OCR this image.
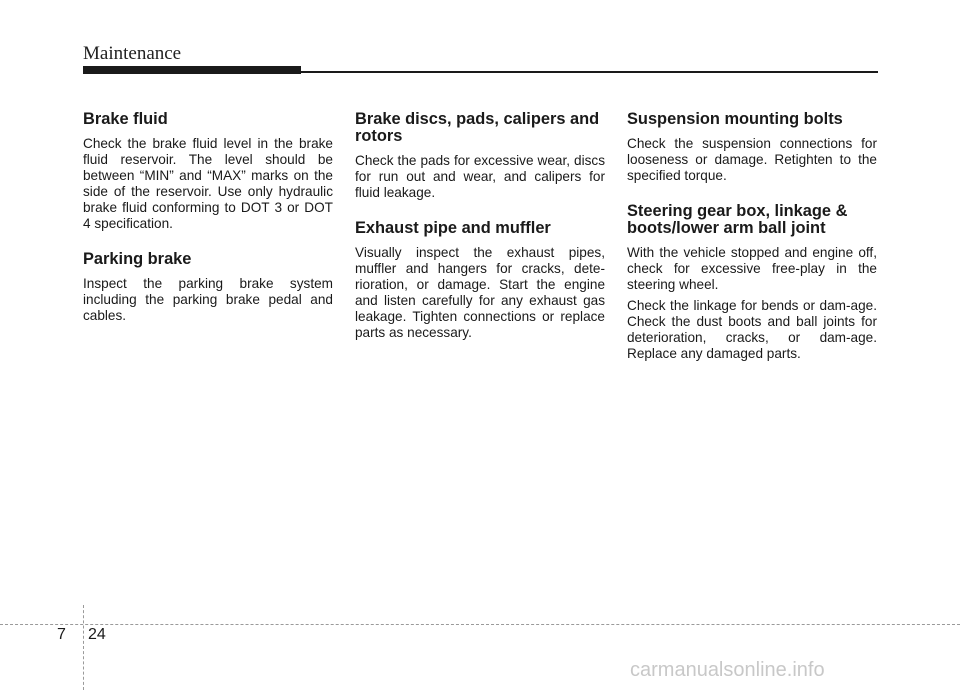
Maintenance
Brake fluid

Check the brake fluid level in the brake fluid reservoir. The level should be between “MIN” and “MAX” marks on the side of the reservoir. Use only hydraulic brake fluid conforming to DOT 3 or DOT 4 specification.

Parking brake

Inspect the parking brake system including the parking brake pedal and cables.

Brake discs, pads, calipers and rotors

Check the pads for excessive wear, discs for run out and wear, and calipers for fluid leakage.

Exhaust pipe and muffler

Visually inspect the exhaust pipes, muffler and hangers for cracks, dete-rioration, or damage. Start the engine and listen carefully for any exhaust gas leakage. Tighten connections or replace parts as necessary.

Suspension mounting bolts

Check the suspension connections for looseness or damage. Retighten to the specified torque.

Steering gear box, linkage & boots/lower arm ball joint

With the vehicle stopped and engine off, check for excessive free-play in the steering wheel.

Check the linkage for bends or dam-age. Check the dust boots and ball joints for deterioration, cracks, or dam-age. Replace any damaged parts.

7 24
carmanualsonline.info
